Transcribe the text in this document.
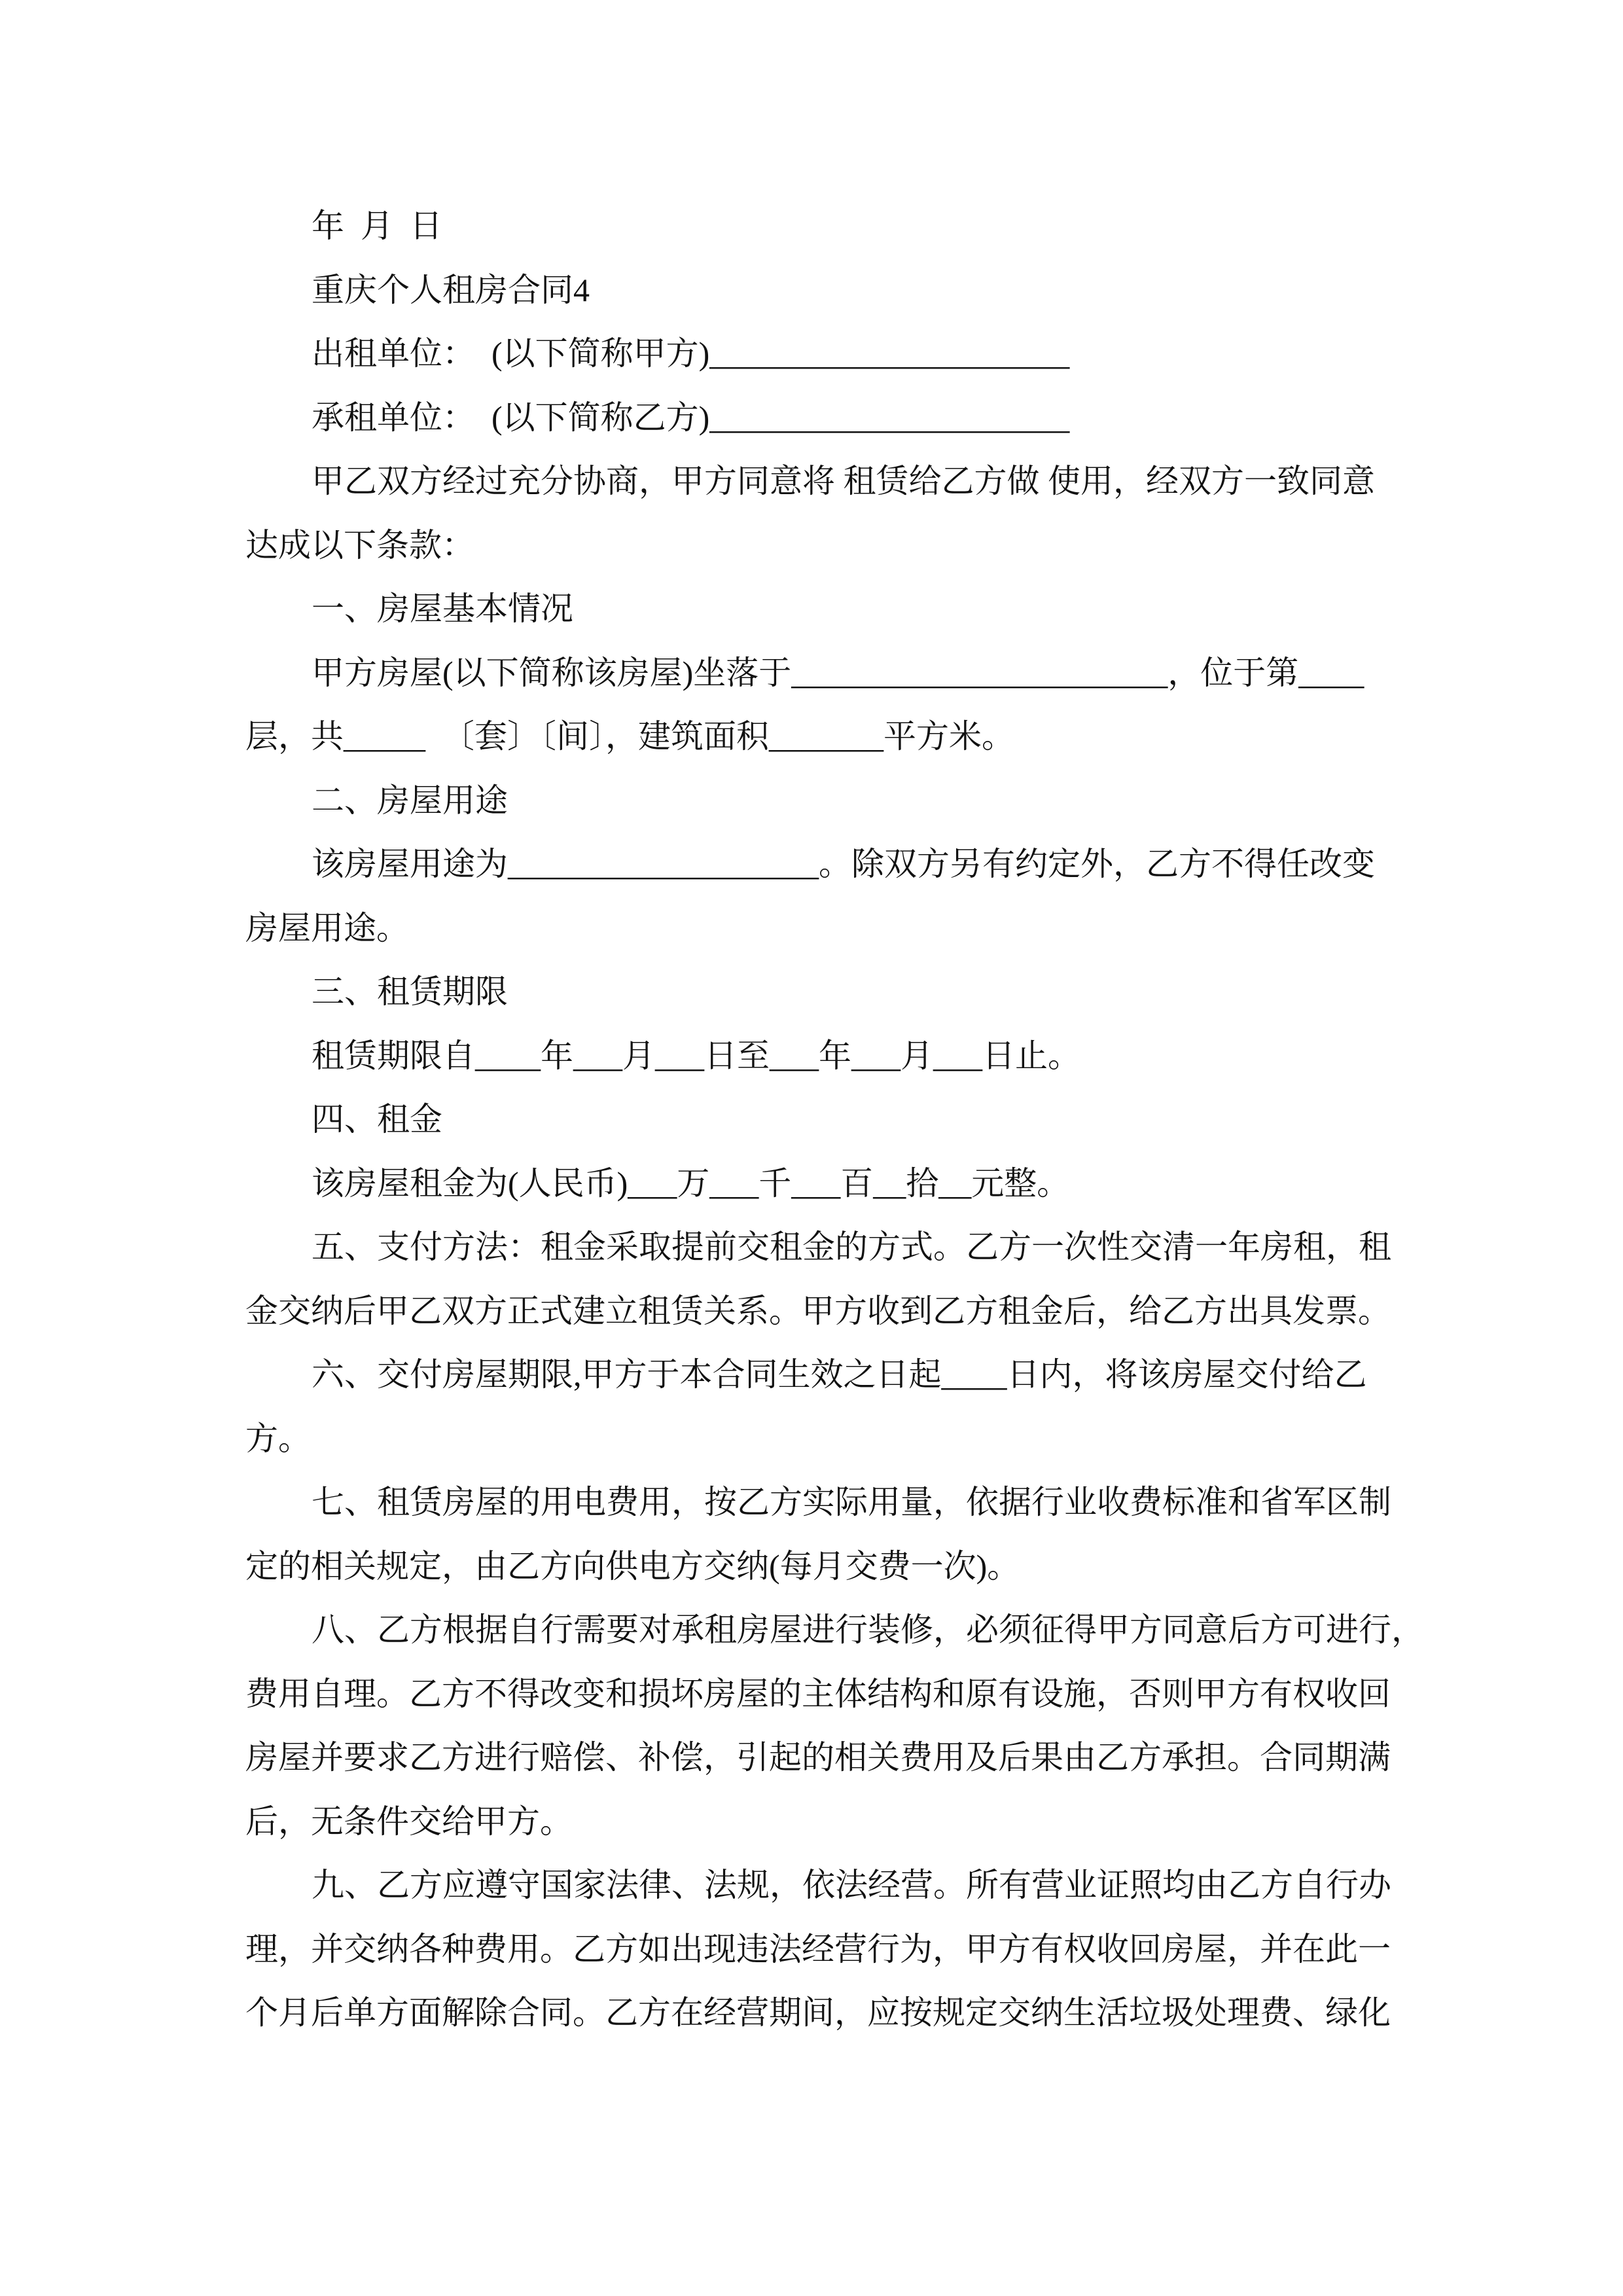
年  月  日
重庆个人租房合同4
出租单位：  (以下简称甲方)______________________
承租单位：  (以下简称乙方)______________________
甲乙双方经过充分协商，甲方同意将 租赁给乙方做 使用，经双方一致同意
达成以下条款：
一、房屋基本情况
甲方房屋(以下简称该房屋)坐落于_______________________，位于第____
层，共_____  〔套〕〔间〕，建筑面积_______平方米。
二、房屋用途
该房屋用途为___________________。除双方另有约定外，乙方不得任改变
房屋用途。
三、租赁期限
租赁期限自____年___月___日至___年___月___日止。
四、租金
该房屋租金为(人民币)___万___千___百__拾__元整。
五、支付方法：租金采取提前交租金的方式。乙方一次性交清一年房租，租
金交纳后甲乙双方正式建立租赁关系。甲方收到乙方租金后，给乙方出具发票。
六、交付房屋期限,甲方于本合同生效之日起____日内，将该房屋交付给乙
方。
七、租赁房屋的用电费用，按乙方实际用量，依据行业收费标准和省军区制
定的相关规定，由乙方向供电方交纳(每月交费一次)。
八、乙方根据自行需要对承租房屋进行装修，必须征得甲方同意后方可进行，
费用自理。乙方不得改变和损坏房屋的主体结构和原有设施，否则甲方有权收回
房屋并要求乙方进行赔偿、补偿，引起的相关费用及后果由乙方承担。合同期满
后，无条件交给甲方。
九、乙方应遵守国家法律、法规，依法经营。所有营业证照均由乙方自行办
理，并交纳各种费用。乙方如出现违法经营行为，甲方有权收回房屋，并在此一
个月后单方面解除合同。乙方在经营期间，应按规定交纳生活垃圾处理费、绿化
